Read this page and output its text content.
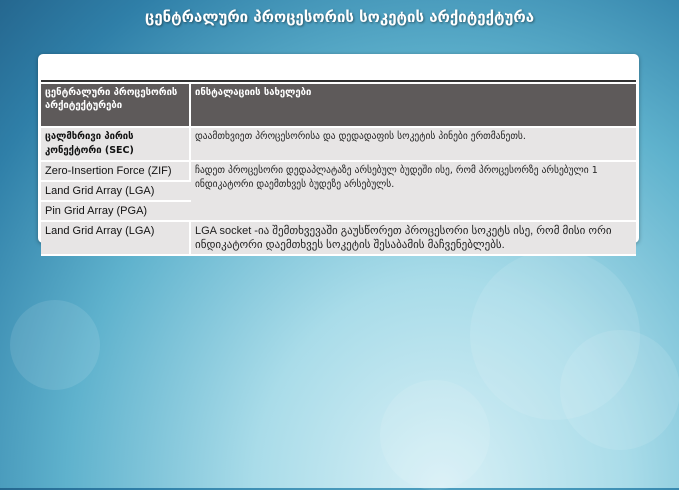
ცენტრალური პროცესორის სოკეტის არქიტექტურა
ცენტრალური პროცესორის არქიტექტურები	ინსტალაციის სახელები
ცალმხრივი პირის კონექტორი (SEC)	დაამთხვიეთ პროცესორისა და დედადაფის სოკეტის პინები ერთმანეთს.
Zero-Insertion Force (ZIF)	ჩადეთ პროცესორი დედაპლატაზე არსებულ ბუდეში ისე, რომ პროცესორზე არსებული 1 ინდიკატორი დაემთხვეს ბუდეზე არსებულს.
Land Grid Array (LGA)	
Pin Grid Array (PGA)	
Land Grid Array (LGA)	LGA socket -ია შემთხვევაში გაუსწორეთ პროცესორი სოკეტს ისე, რომ მისი ორი ინდიკატორი დაემთხვეს სოკეტის შესაბამის მაჩვენებლებს.
